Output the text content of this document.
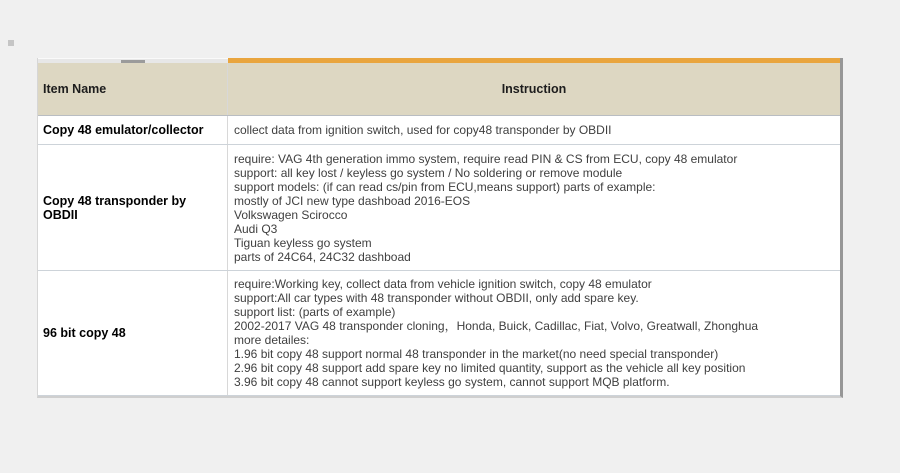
Item Name	Instruction
Copy 48 emulator/collector	collect data from ignition switch, used for copy48 transponder by OBDII
Copy 48 transponder by OBDII
require: VAG 4th generation immo system, require read PIN & CS from ECU, copy 48 emulator
support: all key lost / keyless go system / No soldering or remove module
support models: (if can read cs/pin from ECU,means support) parts of example:
mostly of JCI new type dashboad 2016-EOS
Volkswagen Scirocco
Audi Q3
Tiguan keyless go system
parts of 24C64, 24C32 dashboad
96 bit copy 48
require:Working key, collect data from vehicle ignition switch, copy 48 emulator
support:All car types with 48 transponder without OBDII, only add spare key.
support list: (parts of example)
2002-2017 VAG 48 transponder cloning，Honda, Buick, Cadillac, Fiat, Volvo, Greatwall, Zhonghua
more detailes:
1.96 bit copy 48 support normal 48 transponder in the market(no need special transponder)
2.96 bit copy 48 support add spare key no limited quantity, support as the vehicle all key position
3.96 bit copy 48 cannot support keyless go system, cannot support MQB platform.
